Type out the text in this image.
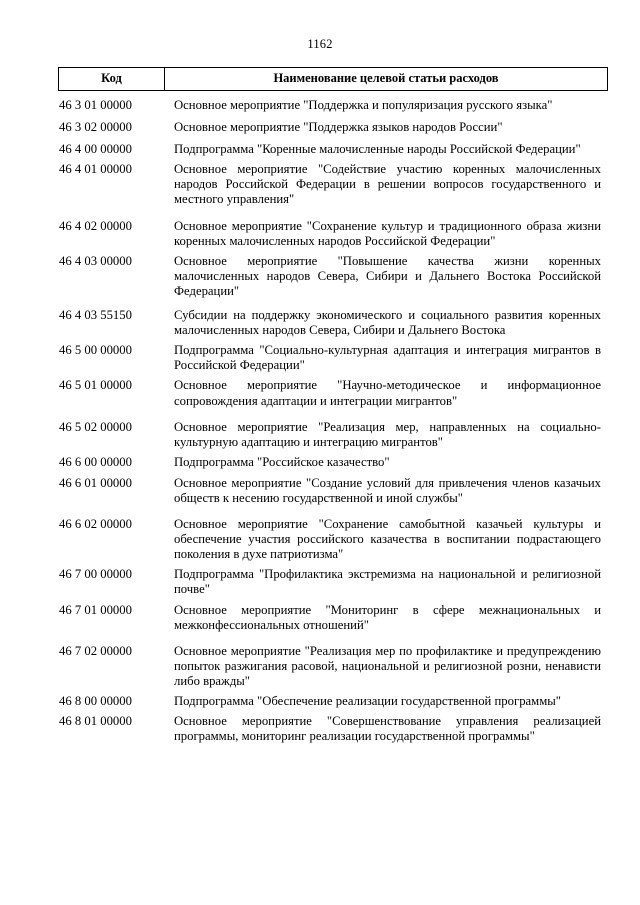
1162
Код	Наименование целевой статьи расходов
46 3 01 00000	Основное мероприятие "Поддержка и популяризация русского языка"
46 3 02 00000	Основное мероприятие "Поддержка языков народов России"
46 4 00 00000	Подпрограмма "Коренные малочисленные народы Российской Федерации"
46 4 01 00000	Основное мероприятие "Содействие участию коренных малочисленных народов Российской Федерации в решении вопросов государственного и местного управления"
46 4 02 00000	Основное мероприятие "Сохранение культур и традиционного образа жизни коренных малочисленных народов Российской Федерации"
46 4 03 00000	Основное мероприятие "Повышение качества жизни коренных малочисленных народов Севера, Сибири и Дальнего Востока Российской Федерации"
46 4 03 55150	Субсидии на поддержку экономического и социального развития коренных малочисленных народов Севера, Сибири и Дальнего Востока
46 5 00 00000	Подпрограмма "Социально-культурная адаптация и интеграция мигрантов в Российской Федерации"
46 5 01 00000	Основное мероприятие "Научно-методическое и информационное сопровождения адаптации и интеграции мигрантов"
46 5 02 00000	Основное мероприятие "Реализация мер, направленных на социально-культурную адаптацию и интеграцию мигрантов"
46 6 00 00000	Подпрограмма "Российское казачество"
46 6 01 00000	Основное мероприятие "Создание условий для привлечения членов казачьих обществ к несению государственной и иной службы"
46 6 02 00000	Основное мероприятие "Сохранение самобытной казачьей культуры и обеспечение участия российского казачества в воспитании подрастающего поколения в духе патриотизма"
46 7 00 00000	Подпрограмма "Профилактика экстремизма на национальной и религиозной почве"
46 7 01 00000	Основное мероприятие "Мониторинг в сфере межнациональных и межконфессиональных отношений"
46 7 02 00000	Основное мероприятие "Реализация мер по профилактике и предупреждению попыток разжигания расовой, национальной и религиозной розни, ненависти либо вражды"
46 8 00 00000	Подпрограмма "Обеспечение реализации государственной программы"
46 8 01 00000	Основное мероприятие "Совершенствование управления реализацией программы, мониторинг реализации государственной программы"
